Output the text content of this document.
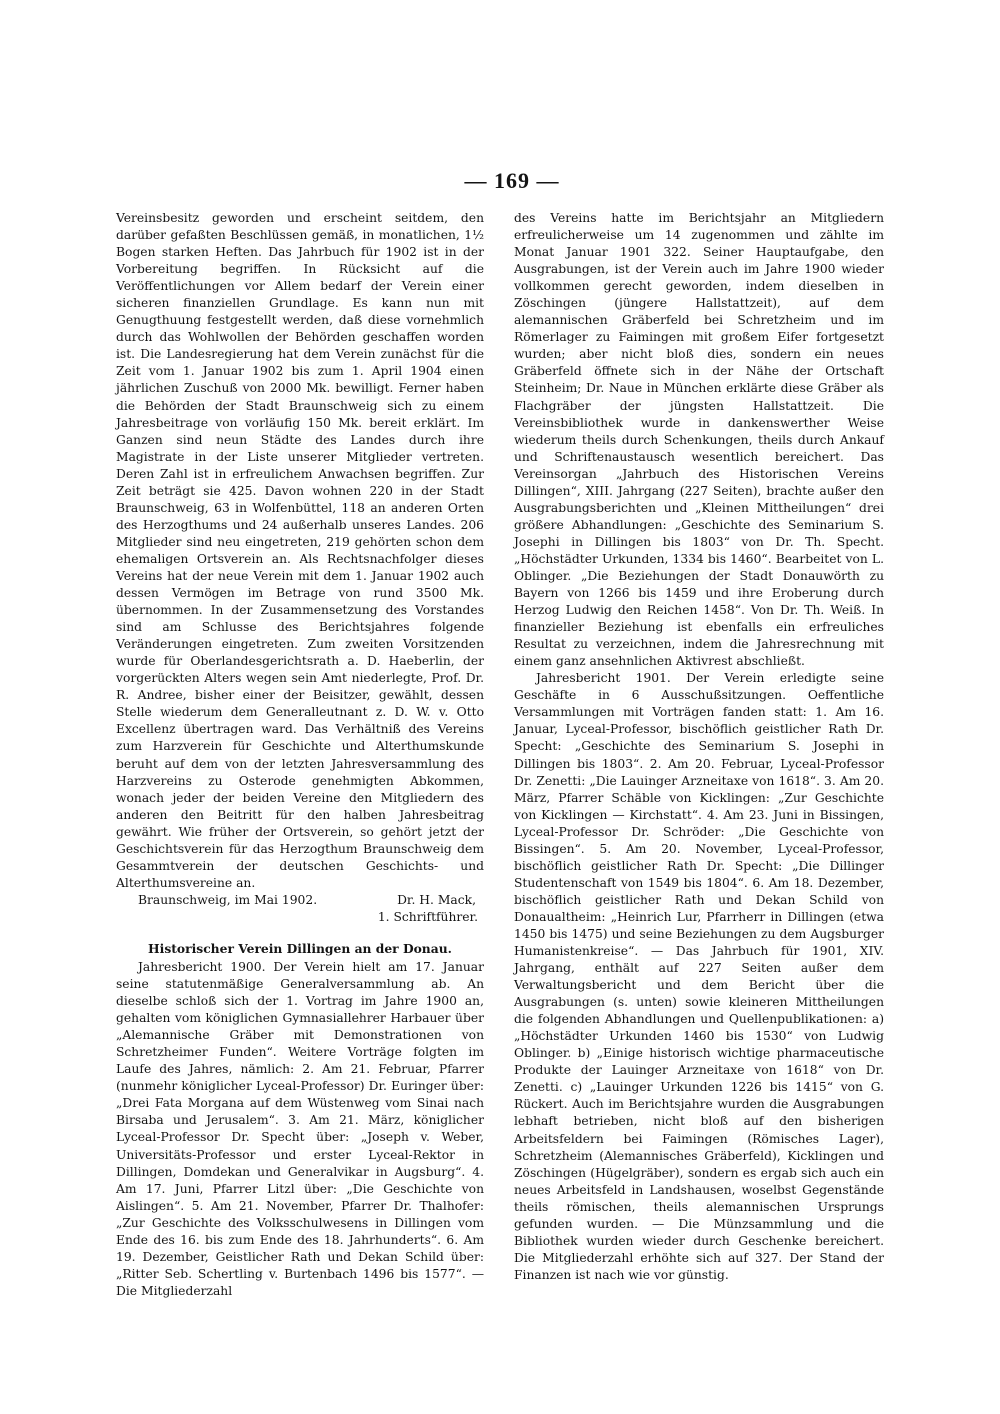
— 169 —

Vereinsbesitz geworden und erscheint seitdem, den darüber gefaßten Beschlüssen gemäß, in monatlichen, 1½ Bogen starken Heften. Das Jahrbuch für 1902 ist in der Vorbereitung begriffen. In Rücksicht auf die Veröffentlichungen vor Allem bedarf der Verein einer sicheren finanziellen Grundlage. Es kann nun mit Genugthuung festgestellt werden, daß diese vornehmlich durch das Wohlwollen der Behörden geschaffen worden ist. Die Landesregierung hat dem Verein zunächst für die Zeit vom 1. Januar 1902 bis zum 1. April 1904 einen jährlichen Zuschuß von 2000 Mk. bewilligt. Ferner haben die Behörden der Stadt Braunschweig sich zu einem Jahresbeitrage von vorläufig 150 Mk. bereit erklärt. Im Ganzen sind neun Städte des Landes durch ihre Magistrate in der Liste unserer Mitglieder vertreten. Deren Zahl ist in erfreulichem Anwachsen begriffen. Zur Zeit beträgt sie 425. Davon wohnen 220 in der Stadt Braunschweig, 63 in Wolfenbüttel, 118 an anderen Orten des Herzogthums und 24 außerhalb unseres Landes. 206 Mitglieder sind neu eingetreten, 219 gehörten schon dem ehemaligen Ortsverein an. Als Rechtsnachfolger dieses Vereins hat der neue Verein mit dem 1. Januar 1902 auch dessen Vermögen im Betrage von rund 3500 Mk. übernommen. In der Zusammensetzung des Vorstandes sind am Schlusse des Berichtsjahres folgende Veränderungen eingetreten. Zum zweiten Vorsitzenden wurde für Oberlandesgerichtsrath a. D. Haeberlin, der vorgerückten Alters wegen sein Amt niederlegte, Prof. Dr. R. Andree, bisher einer der Beisitzer, gewählt, dessen Stelle wiederum dem Generalleutnant z. D. W. v. Otto Excellenz übertragen ward. Das Verhältniß des Vereins zum Harzverein für Geschichte und Alterthumskunde beruht auf dem von der letzten Jahresversammlung des Harzvereins zu Osterode genehmigten Abkommen, wonach jeder der beiden Vereine den Mitgliedern des anderen den Beitritt für den halben Jahresbeitrag gewährt. Wie früher der Ortsverein, so gehört jetzt der Geschichtsverein für das Herzogthum Braunschweig dem Gesammtverein der deutschen Geschichts- und Alterthumsvereine an.

Braunschweig, im Mai 1902.	Dr. H. Mack,
1. Schriftführer.
Historischer Verein Dillingen an der Donau.

Jahresbericht 1900. Der Verein hielt am 17. Januar seine statutenmäßige Generalversammlung ab. An dieselbe schloß sich der 1. Vortrag im Jahre 1900 an, gehalten vom königlichen Gymnasiallehrer Harbauer über „Alemannische Gräber mit Demonstrationen von Schretzheimer Funden“. Weitere Vorträge folgten im Laufe des Jahres, nämlich: 2. Am 21. Februar, Pfarrer (nunmehr königlicher Lyceal-Professor) Dr. Euringer über: „Drei Fata Morgana auf dem Wüstenweg vom Sinai nach Birsaba und Jerusalem“. 3. Am 21. März, königlicher Lyceal-Professor Dr. Specht über: „Joseph v. Weber, Universitäts-Professor und erster Lyceal-Rektor in Dillingen, Domdekan und Generalvikar in Augsburg“. 4. Am 17. Juni, Pfarrer Litzl über: „Die Geschichte von Aislingen“. 5. Am 21. November, Pfarrer Dr. Thalhofer: „Zur Geschichte des Volksschulwesens in Dillingen vom Ende des 16. bis zum Ende des 18. Jahrhunderts“. 6. Am 19. Dezember, Geistlicher Rath und Dekan Schild über: „Ritter Seb. Schertling v. Burtenbach 1496 bis 1577“. — Die Mitgliederzahl

des Vereins hatte im Berichtsjahr an Mitgliedern erfreulicherweise um 14 zugenommen und zählte im Monat Januar 1901 322. Seiner Hauptaufgabe, den Ausgrabungen, ist der Verein auch im Jahre 1900 wieder vollkommen gerecht geworden, indem dieselben in Zöschingen (jüngere Hallstattzeit), auf dem alemannischen Gräberfeld bei Schretzheim und im Römerlager zu Faimingen mit großem Eifer fortgesetzt wurden; aber nicht bloß dies, sondern ein neues Gräberfeld öffnete sich in der Nähe der Ortschaft Steinheim; Dr. Naue in München erklärte diese Gräber als Flachgräber der jüngsten Hallstattzeit. Die Vereinsbibliothek wurde in dankenswerther Weise wiederum theils durch Schenkungen, theils durch Ankauf und Schriftenaustausch wesentlich bereichert. Das Vereinsorgan „Jahrbuch des Historischen Vereins Dillingen“, XIII. Jahrgang (227 Seiten), brachte außer den Ausgrabungsberichten und „Kleinen Mittheilungen“ drei größere Abhandlungen: „Geschichte des Seminarium S. Josephi in Dillingen bis 1803“ von Dr. Th. Specht. „Höchstädter Urkunden, 1334 bis 1460“. Bearbeitet von L. Oblinger. „Die Beziehungen der Stadt Donauwörth zu Bayern von 1266 bis 1459 und ihre Eroberung durch Herzog Ludwig den Reichen 1458“. Von Dr. Th. Weiß. In finanzieller Beziehung ist ebenfalls ein erfreuliches Resultat zu verzeichnen, indem die Jahresrechnung mit einem ganz ansehnlichen Aktivrest abschließt.

Jahresbericht 1901. Der Verein erledigte seine Geschäfte in 6 Ausschußsitzungen. Oeffentliche Versammlungen mit Vorträgen fanden statt: 1. Am 16. Januar, Lyceal-Professor, bischöflich geistlicher Rath Dr. Specht: „Geschichte des Seminarium S. Josephi in Dillingen bis 1803“. 2. Am 20. Februar, Lyceal-Professor Dr. Zenetti: „Die Lauinger Arzneitaxe von 1618“. 3. Am 20. März, Pfarrer Schäble von Kicklingen: „Zur Geschichte von Kicklingen — Kirchstatt“. 4. Am 23. Juni in Bissingen, Lyceal-Professor Dr. Schröder: „Die Geschichte von Bissingen“. 5. Am 20. November, Lyceal-Professor, bischöflich geistlicher Rath Dr. Specht: „Die Dillinger Studentenschaft von 1549 bis 1804“. 6. Am 18. Dezember, bischöflich geistlicher Rath und Dekan Schild von Donaualtheim: „Heinrich Lur, Pfarrherr in Dillingen (etwa 1450 bis 1475) und seine Beziehungen zu dem Augsburger Humanistenkreise“. — Das Jahrbuch für 1901, XIV. Jahrgang, enthält auf 227 Seiten außer dem Verwaltungsbericht und dem Bericht über die Ausgrabungen (s. unten) sowie kleineren Mittheilungen die folgenden Abhandlungen und Quellenpublikationen: a) „Höchstädter Urkunden 1460 bis 1530“ von Ludwig Oblinger. b) „Einige historisch wichtige pharmaceutische Produkte der Lauinger Arzneitaxe von 1618“ von Dr. Zenetti. c) „Lauinger Urkunden 1226 bis 1415“ von G. Rückert. Auch im Berichtsjahre wurden die Ausgrabungen lebhaft betrieben, nicht bloß auf den bisherigen Arbeitsfeldern bei Faimingen (Römisches Lager), Schretzheim (Alemannisches Gräberfeld), Kicklingen und Zöschingen (Hügelgräber), sondern es ergab sich auch ein neues Arbeitsfeld in Landshausen, woselbst Gegenstände theils römischen, theils alemannischen Ursprungs gefunden wurden. — Die Münzsammlung und die Bibliothek wurden wieder durch Geschenke bereichert. Die Mitgliederzahl erhöhte sich auf 327. Der Stand der Finanzen ist nach wie vor günstig.
